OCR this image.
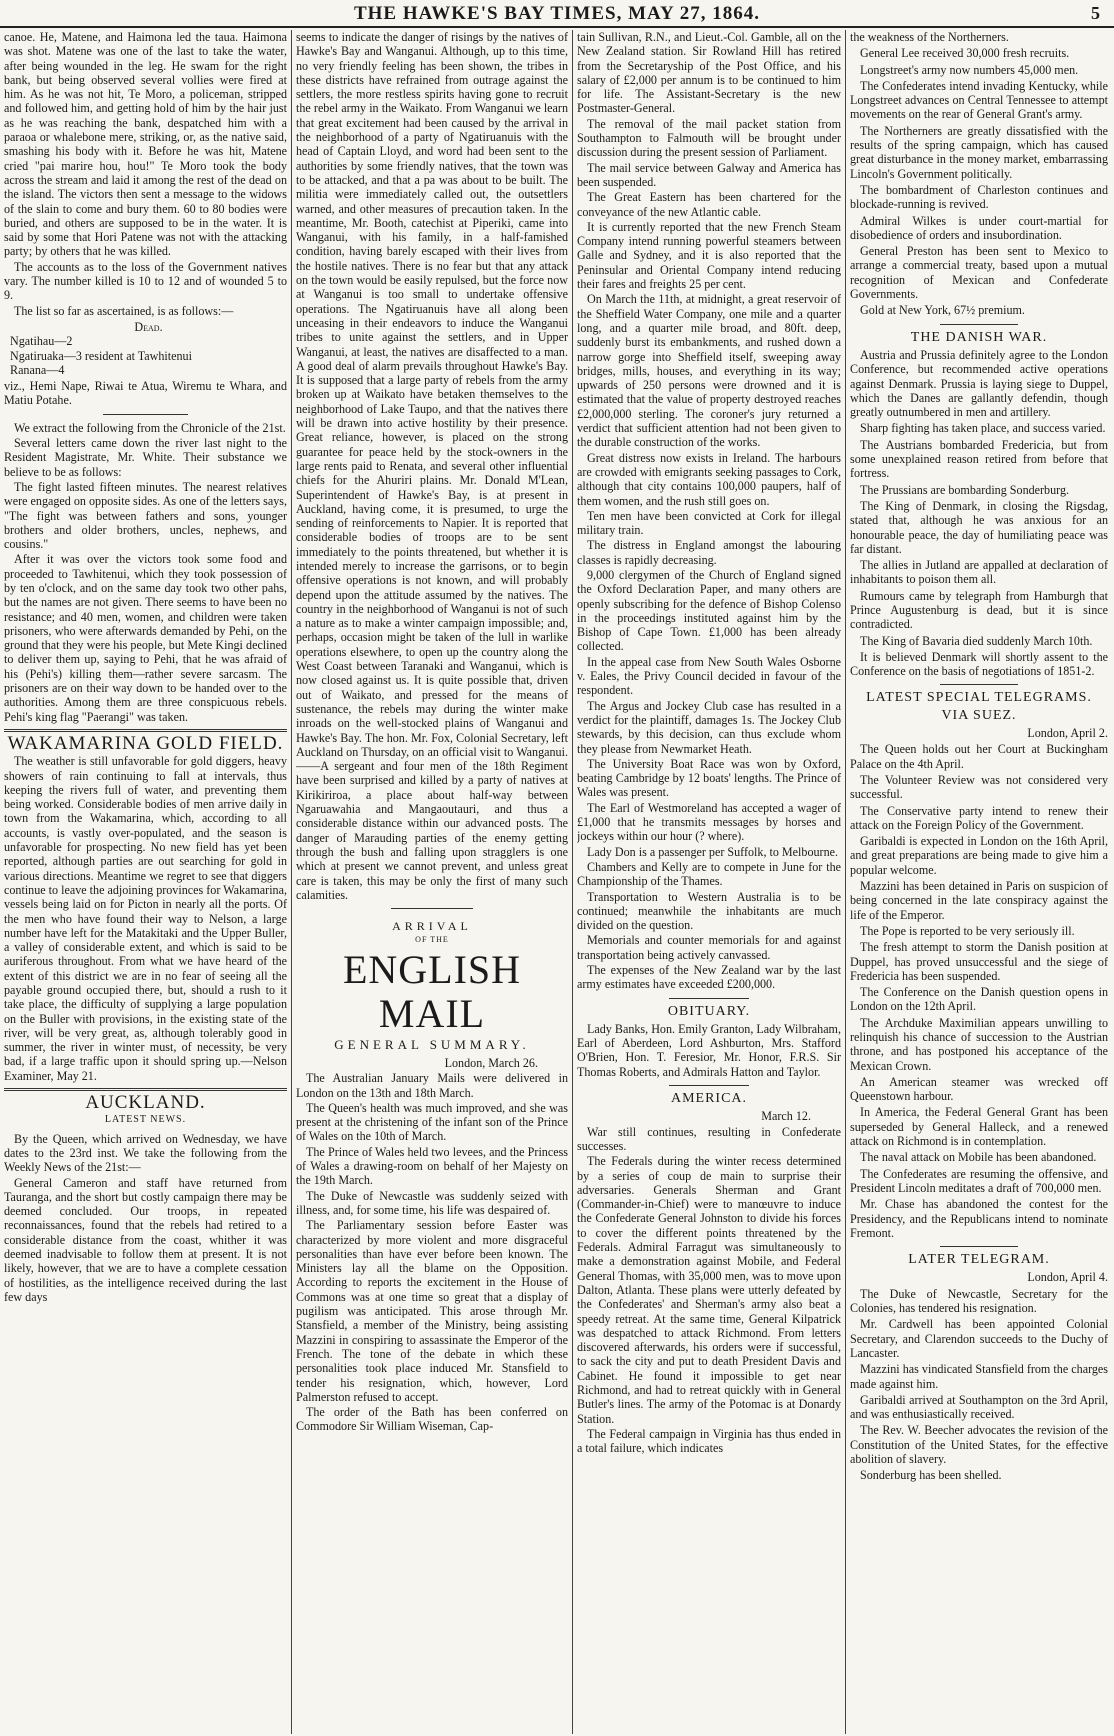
THE HAWKE'S BAY TIMES, MAY 27, 1864.	5

canoe. He, Matene, and Haimona led the taua. Haimona was shot. Matene was one of the last to take the water, after being wounded in the leg. He swam for the right bank, but being observed several vollies were fired at him. As he was not hit, Te Moro, a policeman, stripped and followed him, and getting hold of him by the hair just as he was reaching the bank, despatched him with a paraoa or whalebone mere, striking, or, as the native said, smashing his body with it. Before he was hit, Matene cried "pai marire hou, hou!" Te Moro took the body across the stream and laid it among the rest of the dead on the island. The victors then sent a message to the widows of the slain to come and bury them. 60 to 80 bodies were buried, and others are supposed to be in the water. It is said by some that Hori Patene was not with the attacking party; by others that he was killed.

The accounts as to the loss of the Government natives vary. The number killed is 10 to 12 and of wounded 5 to 9.

The list so far as ascertained, is as follows:—

Dead.
Ngatihau—2
Ngatiruaka—3 resident at Tawhitenui
Ranana—4

viz., Hemi Nape, Riwai te Atua, Wiremu te Whara, and Matiu Potahe.

We extract the following from the Chronicle of the 21st.

Several letters came down the river last night to the Resident Magistrate, Mr. White. Their substance we believe to be as follows:

The fight lasted fifteen minutes. The nearest relatives were engaged on opposite sides. As one of the letters says, "The fight was between fathers and sons, younger brothers and older brothers, uncles, nephews, and cousins."

After it was over the victors took some food and proceeded to Tawhitenui, which they took possession of by ten o'clock, and on the same day took two other pahs, but the names are not given. There seems to have been no resistance; and 40 men, women, and children were taken prisoners, who were afterwards demanded by Pehi, on the ground that they were his people, but Mete Kingi declined to deliver them up, saying to Pehi, that he was afraid of his (Pehi's) killing them—rather severe sarcasm. The prisoners are on their way down to be handed over to the authorities. Among them are three conspicuous rebels. Pehi's king flag "Paerangi" was taken.

WAKAMARINA GOLD FIELD.

The weather is still unfavorable for gold diggers, heavy showers of rain continuing to fall at intervals, thus keeping the rivers full of water, and preventing them being worked. Considerable bodies of men arrive daily in town from the Wakamarina, which, according to all accounts, is vastly over-populated, and the season is unfavorable for prospecting. No new field has yet been reported, although parties are out searching for gold in various directions. Meantime we regret to see that diggers continue to leave the adjoining provinces for Wakamarina, vessels being laid on for Picton in nearly all the ports. Of the men who have found their way to Nelson, a large number have left for the Matakitaki and the Upper Buller, a valley of considerable extent, and which is said to be auriferous throughout. From what we have heard of the extent of this district we are in no fear of seeing all the payable ground occupied there, but, should a rush to it take place, the difficulty of supplying a large population on the Buller with provisions, in the existing state of the river, will be very great, as, although tolerably good in summer, the river in winter must, of necessity, be very bad, if a large traffic upon it should spring up.—Nelson Examiner, May 21.

AUCKLAND.
LATEST NEWS.

By the Queen, which arrived on Wednesday, we have dates to the 23rd inst. We take the following from the Weekly News of the 21st:—

General Cameron and staff have returned from Tauranga, and the short but costly campaign there may be deemed concluded. Our troops, in repeated reconnaissances, found that the rebels had retired to a considerable distance from the coast, whither it was deemed inadvisable to follow them at present. It is not likely, however, that we are to have a complete cessation of hostilities, as the intelligence received during the last few days

seems to indicate the danger of risings by the natives of Hawke's Bay and Wanganui. Although, up to this time, no very friendly feeling has been shown, the tribes in these districts have refrained from outrage against the settlers, the more restless spirits having gone to recruit the rebel army in the Waikato. From Wanganui we learn that great excitement had been caused by the arrival in the neighborhood of a party of Ngatiruanuis with the head of Captain Lloyd, and word had been sent to the authorities by some friendly natives, that the town was to be attacked, and that a pa was about to be built. The militia were immediately called out, the outsettlers warned, and other measures of precaution taken. In the meantime, Mr. Booth, catechist at Piperiki, came into Wanganui, with his family, in a half-famished condition, having barely escaped with their lives from the hostile natives. There is no fear but that any attack on the town would be easily repulsed, but the force now at Wanganui is too small to undertake offensive operations. The Ngatiruanuis have all along been unceasing in their endeavors to induce the Wanganui tribes to unite against the settlers, and in Upper Wanganui, at least, the natives are disaffected to a man. A good deal of alarm prevails throughout Hawke's Bay. It is supposed that a large party of rebels from the army broken up at Waikato have betaken themselves to the neighborhood of Lake Taupo, and that the natives there will be drawn into active hostility by their presence. Great reliance, however, is placed on the strong guarantee for peace held by the stock-owners in the large rents paid to Renata, and several other influential chiefs for the Ahuriri plains. Mr. Donald M'Lean, Superintendent of Hawke's Bay, is at present in Auckland, having come, it is presumed, to urge the sending of reinforcements to Napier. It is reported that considerable bodies of troops are to be sent immediately to the points threatened, but whether it is intended merely to increase the garrisons, or to begin offensive operations is not known, and will probably depend upon the attitude assumed by the natives. The country in the neighborhood of Wanganui is not of such a nature as to make a winter campaign impossible; and, perhaps, occasion might be taken of the lull in warlike operations elsewhere, to open up the country along the West Coast between Taranaki and Wanganui, which is now closed against us. It is quite possible that, driven out of Waikato, and pressed for the means of sustenance, the rebels may during the winter make inroads on the well-stocked plains of Wanganui and Hawke's Bay. The hon. Mr. Fox, Colonial Secretary, left Auckland on Thursday, on an official visit to Wanganui.——A sergeant and four men of the 18th Regiment have been surprised and killed by a party of natives at Kirikiriroa, a place about half-way between Ngaruawahia and Mangaoutauri, and thus a considerable distance within our advanced posts. The danger of Marauding parties of the enemy getting through the bush and falling upon stragglers is one which at present we cannot prevent, and unless great care is taken, this may be only the first of many such calamities.

ARRIVAL
OF THE
ENGLISH MAIL
GENERAL SUMMARY.

London, March 26.

The Australian January Mails were delivered in London on the 13th and 18th March.

The Queen's health was much improved, and she was present at the christening of the infant son of the Prince of Wales on the 10th of March.

The Prince of Wales held two levees, and the Princess of Wales a drawing-room on behalf of her Majesty on the 19th March.

The Duke of Newcastle was suddenly seized with illness, and, for some time, his life was despaired of.

The Parliamentary session before Easter was characterized by more violent and more disgraceful personalities than have ever before been known. The Ministers lay all the blame on the Opposition. According to reports the excitement in the House of Commons was at one time so great that a display of pugilism was anticipated. This arose through Mr. Stansfield, a member of the Ministry, being assisting Mazzini in conspiring to assassinate the Emperor of the French. The tone of the debate in which these personalities took place induced Mr. Stansfield to tender his resignation, which, however, Lord Palmerston refused to accept.

The order of the Bath has been conferred on Commodore Sir William Wiseman, Cap-

tain Sullivan, R.N., and Lieut.-Col. Gamble, all on the New Zealand station. Sir Rowland Hill has retired from the Secretaryship of the Post Office, and his salary of £2,000 per annum is to be continued to him for life. The Assistant-Secretary is the new Postmaster-General.

The removal of the mail packet station from Southampton to Falmouth will be brought under discussion during the present session of Parliament.

The mail service between Galway and America has been suspended.

The Great Eastern has been chartered for the conveyance of the new Atlantic cable.

It is currently reported that the new French Steam Company intend running powerful steamers between Galle and Sydney, and it is also reported that the Peninsular and Oriental Company intend reducing their fares and freights 25 per cent.

On March the 11th, at midnight, a great reservoir of the Sheffield Water Company, one mile and a quarter long, and a quarter mile broad, and 80ft. deep, suddenly burst its embankments, and rushed down a narrow gorge into Sheffield itself, sweeping away bridges, mills, houses, and everything in its way; upwards of 250 persons were drowned and it is estimated that the value of property destroyed reaches £2,000,000 sterling. The coroner's jury returned a verdict that sufficient attention had not been given to the durable construction of the works.

Great distress now exists in Ireland. The harbours are crowded with emigrants seeking passages to Cork, although that city contains 100,000 paupers, half of them women, and the rush still goes on.

Ten men have been convicted at Cork for illegal military train.

The distress in England amongst the labouring classes is rapidly decreasing.

9,000 clergymen of the Church of England signed the Oxford Declaration Paper, and many others are openly subscribing for the defence of Bishop Colenso in the proceedings instituted against him by the Bishop of Cape Town. £1,000 has been already collected.

In the appeal case from New South Wales Osborne v. Eales, the Privy Council decided in favour of the respondent.

The Argus and Jockey Club case has resulted in a verdict for the plaintiff, damages 1s. The Jockey Club stewards, by this decision, can thus exclude whom they please from Newmarket Heath.

The University Boat Race was won by Oxford, beating Cambridge by 12 boats' lengths. The Prince of Wales was present.

The Earl of Westmoreland has accepted a wager of £1,000 that he transmits messages by horses and jockeys within our hour (? where).

Lady Don is a passenger per Suffolk, to Melbourne.

Chambers and Kelly are to compete in June for the Championship of the Thames.

Transportation to Western Australia is to be continued; meanwhile the inhabitants are much divided on the question.

Memorials and counter memorials for and against transportation being actively canvassed.

The expenses of the New Zealand war by the last army estimates have exceeded £200,000.

OBITUARY.

Lady Banks, Hon. Emily Granton, Lady Wilbraham, Earl of Aberdeen, Lord Ashburton, Mrs. Stafford O'Brien, Hon. T. Feresior, Mr. Honor, F.R.S. Sir Thomas Roberts, and Admirals Hatton and Taylor.

AMERICA.

March 12.

War still continues, resulting in Confederate successes.

The Federals during the winter recess determined by a series of coup de main to surprise their adversaries. Generals Sherman and Grant (Commander-in-Chief) were to manœuvre to induce the Confederate General Johnston to divide his forces to cover the different points threatened by the Federals. Admiral Farragut was simultaneously to make a demonstration against Mobile, and Federal General Thomas, with 35,000 men, was to move upon Dalton, Atlanta. These plans were utterly defeated by the Confederates' and Sherman's army also beat a speedy retreat. At the same time, General Kilpatrick was despatched to attack Richmond. From letters discovered afterwards, his orders were if successful, to sack the city and put to death President Davis and Cabinet. He found it impossible to get near Richmond, and had to retreat quickly with in General Butler's lines. The army of the Potomac is at Donardy Station.

The Federal campaign in Virginia has thus ended in a total failure, which indicates

the weakness of the Northerners.

General Lee received 30,000 fresh recruits.

Longstreet's army now numbers 45,000 men.

The Confederates intend invading Kentucky, while Longstreet advances on Central Tennessee to attempt movements on the rear of General Grant's army.

The Northerners are greatly dissatisfied with the results of the spring campaign, which has caused great disturbance in the money market, embarrassing Lincoln's Government politically.

The bombardment of Charleston continues and blockade-running is revived.

Admiral Wilkes is under court-martial for disobedience of orders and insubordination.

General Preston has been sent to Mexico to arrange a commercial treaty, based upon a mutual recognition of Mexican and Confederate Governments.

Gold at New York, 67½ premium.

THE DANISH WAR.

Austria and Prussia definitely agree to the London Conference, but recommended active operations against Denmark. Prussia is laying siege to Duppel, which the Danes are gallantly defendin, though greatly outnumbered in men and artillery.

Sharp fighting has taken place, and success varied.

The Austrians bombarded Fredericia, but from some unexplained reason retired from before that fortress.

The Prussians are bombarding Sonderburg.

The King of Denmark, in closing the Rigsdag, stated that, although he was anxious for an honourable peace, the day of humiliating peace was far distant.

The allies in Jutland are appalled at declaration of inhabitants to poison them all.

Rumours came by telegraph from Hamburgh that Prince Augustenburg is dead, but it is since contradicted.

The King of Bavaria died suddenly March 10th.

It is believed Denmark will shortly assent to the Conference on the basis of negotiations of 1851-2.

LATEST SPECIAL TELEGRAMS.
VIA SUEZ.

London, April 2.

The Queen holds out her Court at Buckingham Palace on the 4th April.

The Volunteer Review was not considered very successful.

The Conservative party intend to renew their attack on the Foreign Policy of the Government.

Garibaldi is expected in London on the 16th April, and great preparations are being made to give him a popular welcome.

Mazzini has been detained in Paris on suspicion of being concerned in the late conspiracy against the life of the Emperor.

The Pope is reported to be very seriously ill.

The fresh attempt to storm the Danish position at Duppel, has proved unsuccessful and the siege of Fredericia has been suspended.

The Conference on the Danish question opens in London on the 12th April.

The Archduke Maximilian appears unwilling to relinquish his chance of succession to the Austrian throne, and has postponed his acceptance of the Mexican Crown.

An American steamer was wrecked off Queenstown harbour.

In America, the Federal General Grant has been superseded by General Halleck, and a renewed attack on Richmond is in contemplation.

The naval attack on Mobile has been abandoned.

The Confederates are resuming the offensive, and President Lincoln meditates a draft of 700,000 men.

Mr. Chase has abandoned the contest for the Presidency, and the Republicans intend to nominate Fremont.

LATER TELEGRAM.

London, April 4.

The Duke of Newcastle, Secretary for the Colonies, has tendered his resignation.

Mr. Cardwell has been appointed Colonial Secretary, and Clarendon succeeds to the Duchy of Lancaster.

Mazzini has vindicated Stansfield from the charges made against him.

Garibaldi arrived at Southampton on the 3rd April, and was enthusiastically received.

The Rev. W. Beecher advocates the revision of the Constitution of the United States, for the effective abolition of slavery.

Sonderburg has been shelled.
